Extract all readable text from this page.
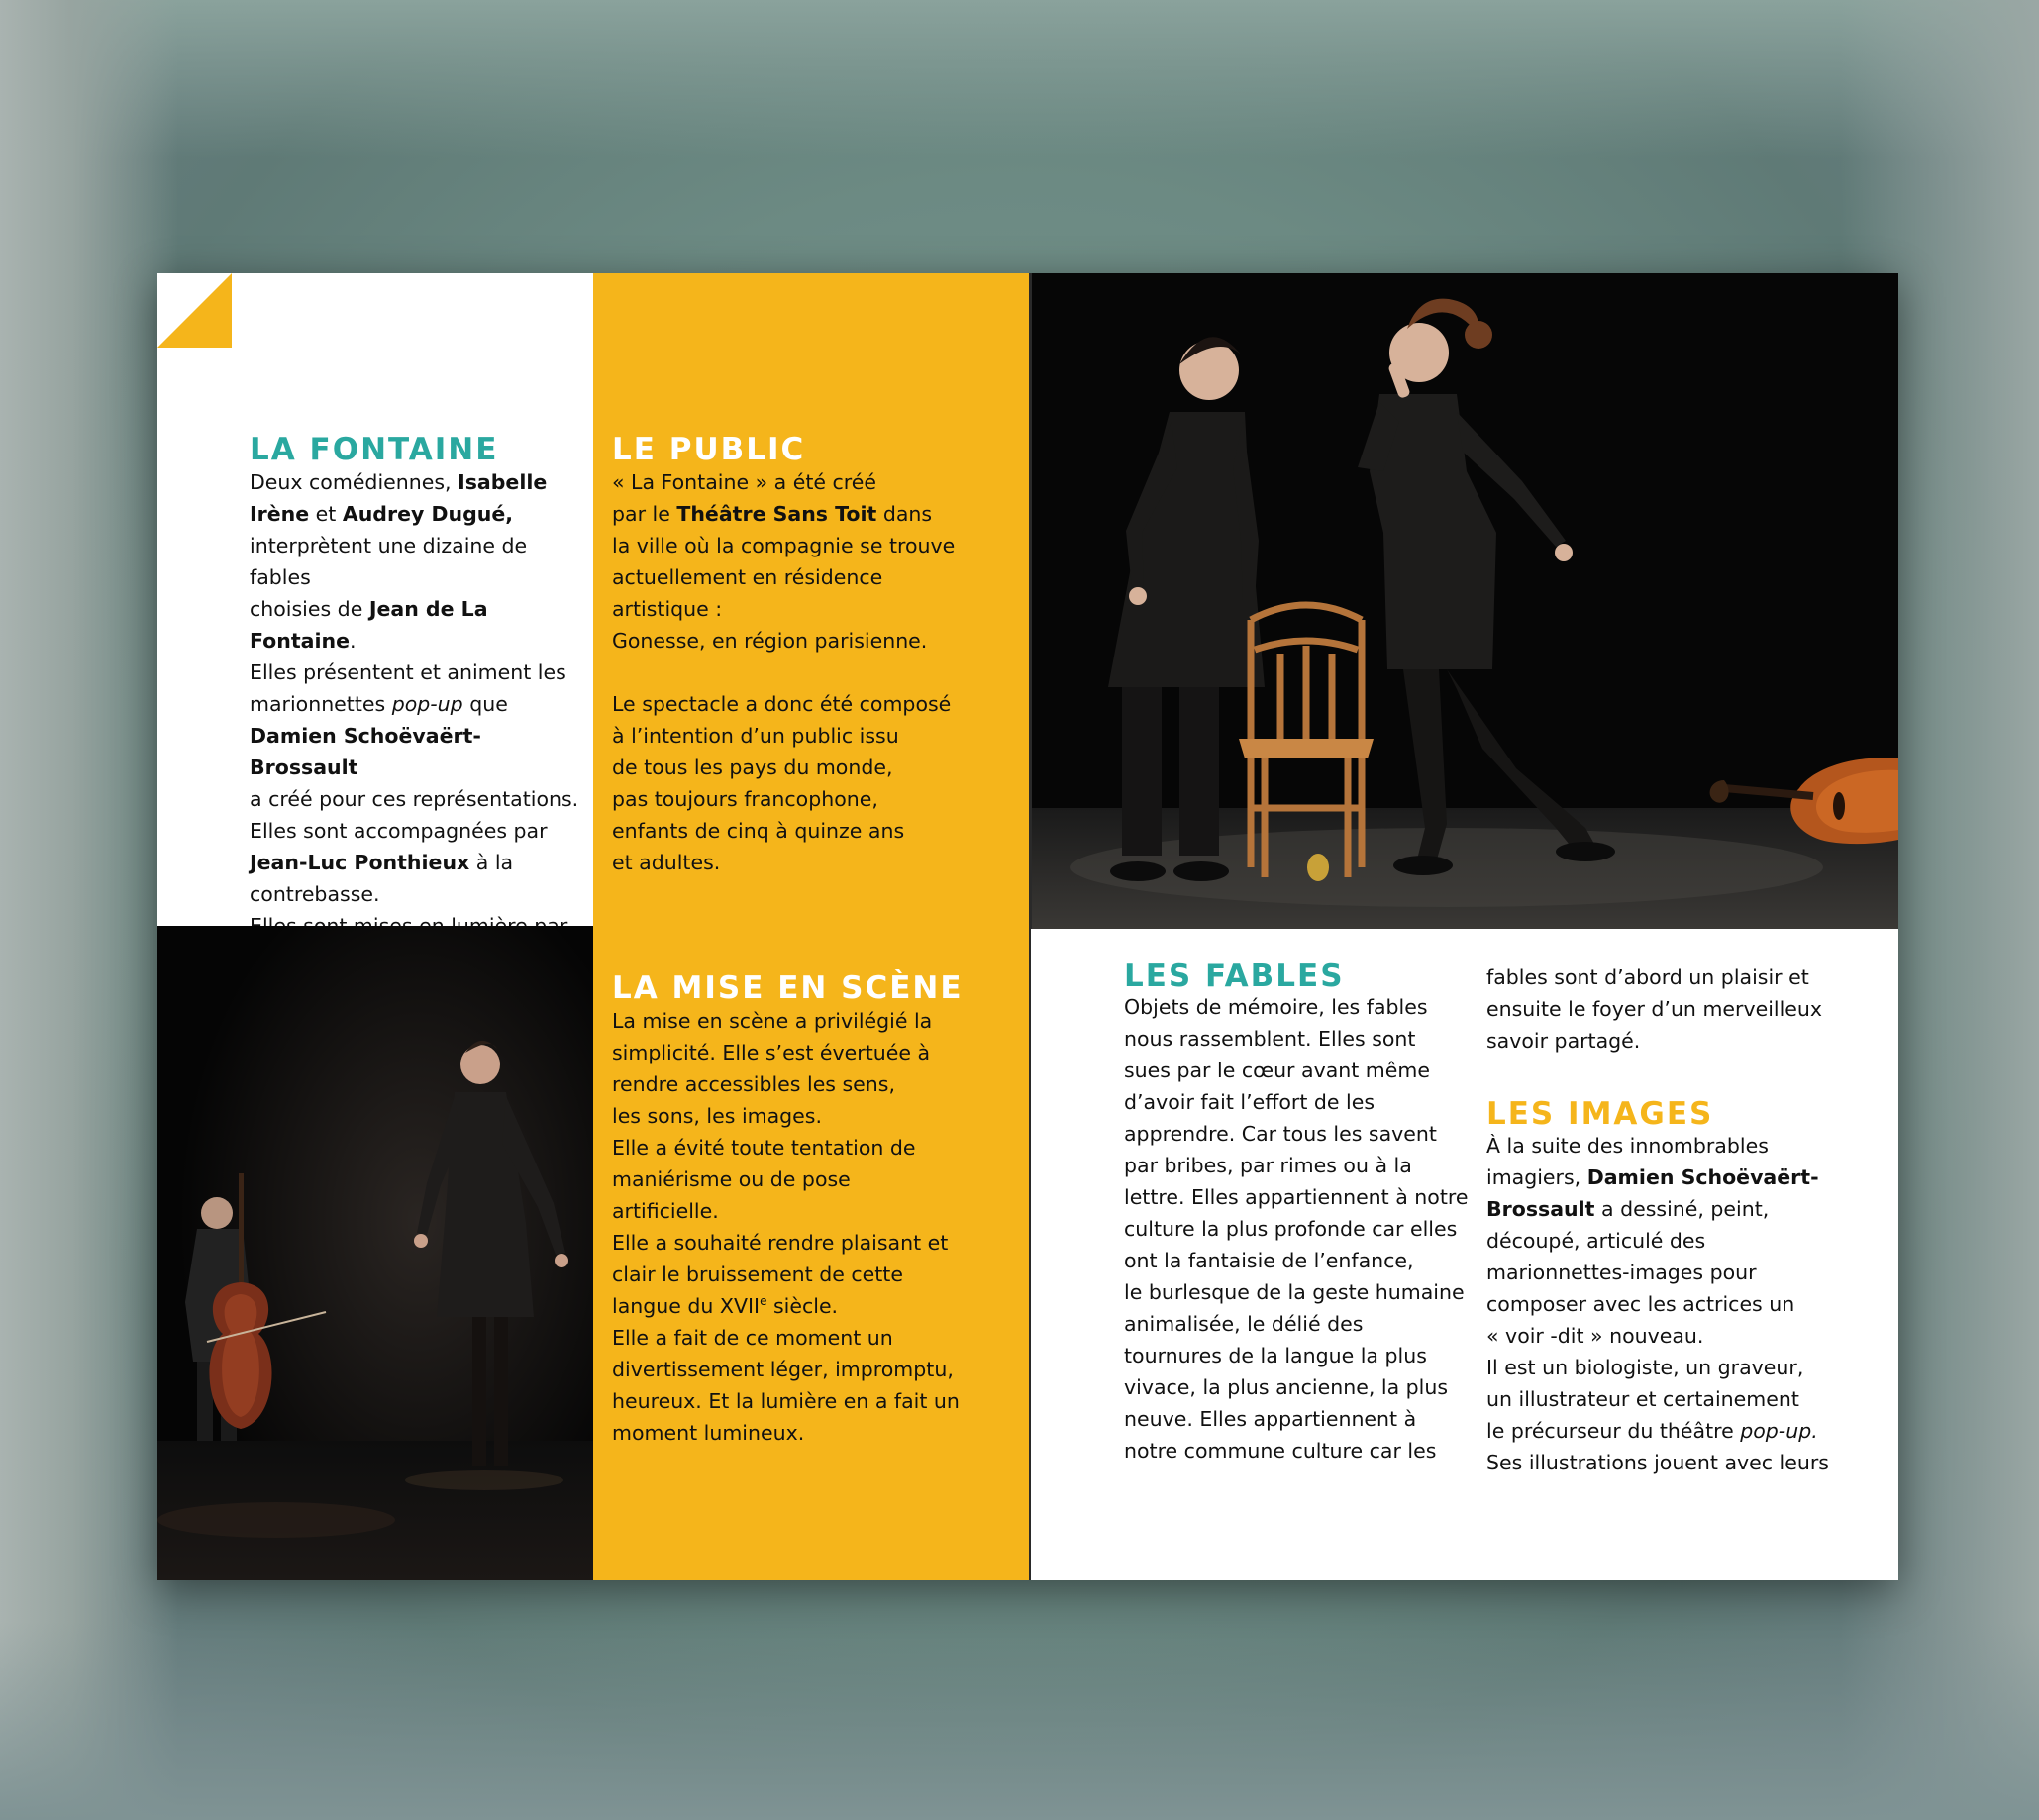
LA FONTAINE

Deux comédiennes, Isabelle
Irène et Audrey Dugué,
interprètent une dizaine de fables
choisies de Jean de La Fontaine.
Elles présentent et animent les
marionnettes pop-up que
Damien Schoëvaërt-Brossault
a créé pour ces représentations.
Elles sont accompagnées par
Jean-Luc Ponthieux à la
contrebasse.

LE PUBLIC

« La Fontaine » a été créé
par le Théâtre Sans Toit dans
la ville où la compagnie se trouve
actuellement en résidence
artistique :
Gonesse, en région parisienne.

Le spectacle a donc été composé
à l’intention d’un public issu
de tous les pays du monde,
pas toujours francophone,
enfants de cinq à quinze ans
et adultes.

LA MISE EN SCÈNE

La mise en scène a privilégié la
simplicité. Elle s’est évertuée à
rendre accessibles les sens,
les sons, les images.
Elle a évité toute tentation de
maniérisme ou de pose
artificielle.
Elle a souhaité rendre plaisant et
clair le bruissement de cette
langue du XVIIe siècle.
Elle a fait de ce moment un
divertissement léger, impromptu,
heureux. Et la lumière en a fait un
moment lumineux.

LES FABLES

Objets de mémoire, les fables
nous rassemblent. Elles sont
sues par le cœur avant même
d’avoir fait l’effort de les
apprendre. Car tous les savent
par bribes, par rimes ou à la
lettre. Elles appartiennent à notre
culture la plus profonde car elles
ont la fantaisie de l’enfance,
le burlesque de la geste humaine
animalisée, le délié des
tournures de la langue la plus
vivace, la plus ancienne, la plus
neuve. Elles appartiennent à
notre commune culture car les

fables sont d’abord un plaisir et
ensuite le foyer d’un merveilleux
savoir partagé.

LES IMAGES

À la suite des innombrables
imagiers, Damien Schoëvaërt-
Brossault a dessiné, peint,
découpé, articulé des
marionnettes-images pour
composer avec les actrices un
« voir -dit » nouveau.
Il est un biologiste, un graveur,
un illustrateur et certainement
le précurseur du théâtre pop-up.
Ses illustrations jouent avec leurs
